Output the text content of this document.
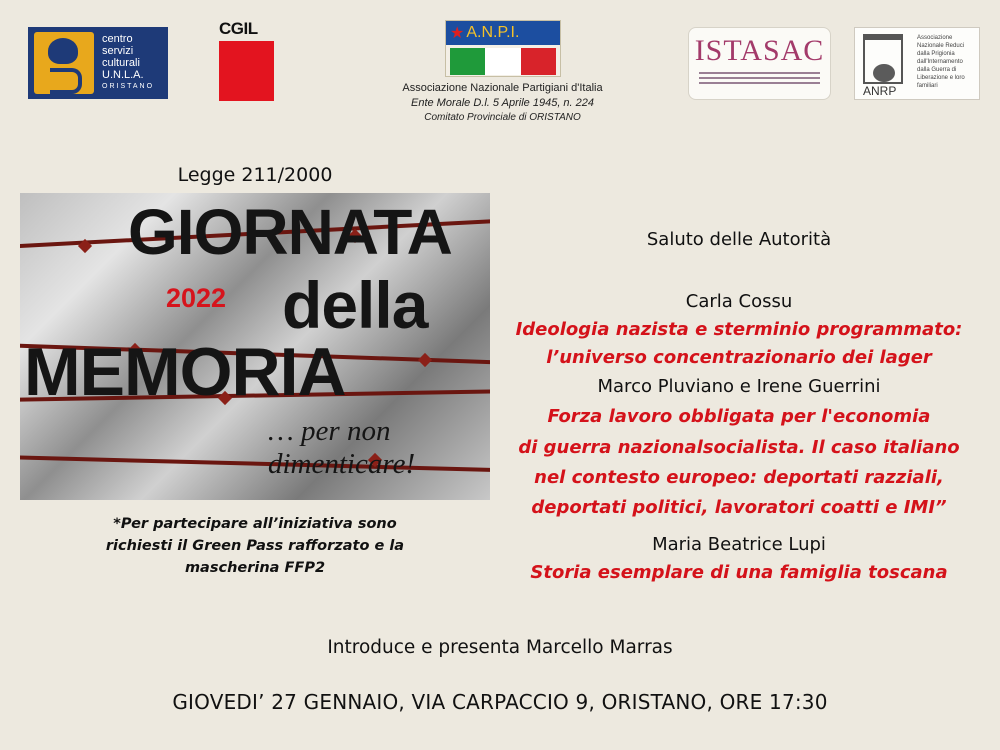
centro
servizi
culturali
U.N.L.A.
ORISTANO
CGIL	★ A.N.P.I.
Associazione Nazionale Partigiani d'Italia
Ente Morale D.l. 5 Aprile 1945, n. 224
Comitato Provinciale di ORISTANO
ISTASAC
ANRP
Associazione Nazionale Reduci dalla Prigionia dall'Internamento dalla Guerra di Liberazione e loro familiari
Legge 211/2000
GIORNATA
della
MEMORIA
… per non dimenticare!
2022
*Per partecipare all’iniziativa sono
richiesti il Green Pass rafforzato e la
mascherina FFP2
Saluto delle Autorità
Carla Cossu
Ideologia nazista e sterminio programmato:
l’universo concentrazionario dei lager
Marco Pluviano e Irene Guerrini
Forza lavoro obbligata per l'economia
di guerra nazionalsocialista. Il caso italiano
nel contesto europeo: deportati razziali,
deportati politici, lavoratori coatti e IMI”
Maria Beatrice Lupi
Storia esemplare di una famiglia toscana
Introduce e presenta Marcello Marras
GIOVEDI’ 27 GENNAIO, VIA CARPACCIO 9, ORISTANO, ORE 17:30
